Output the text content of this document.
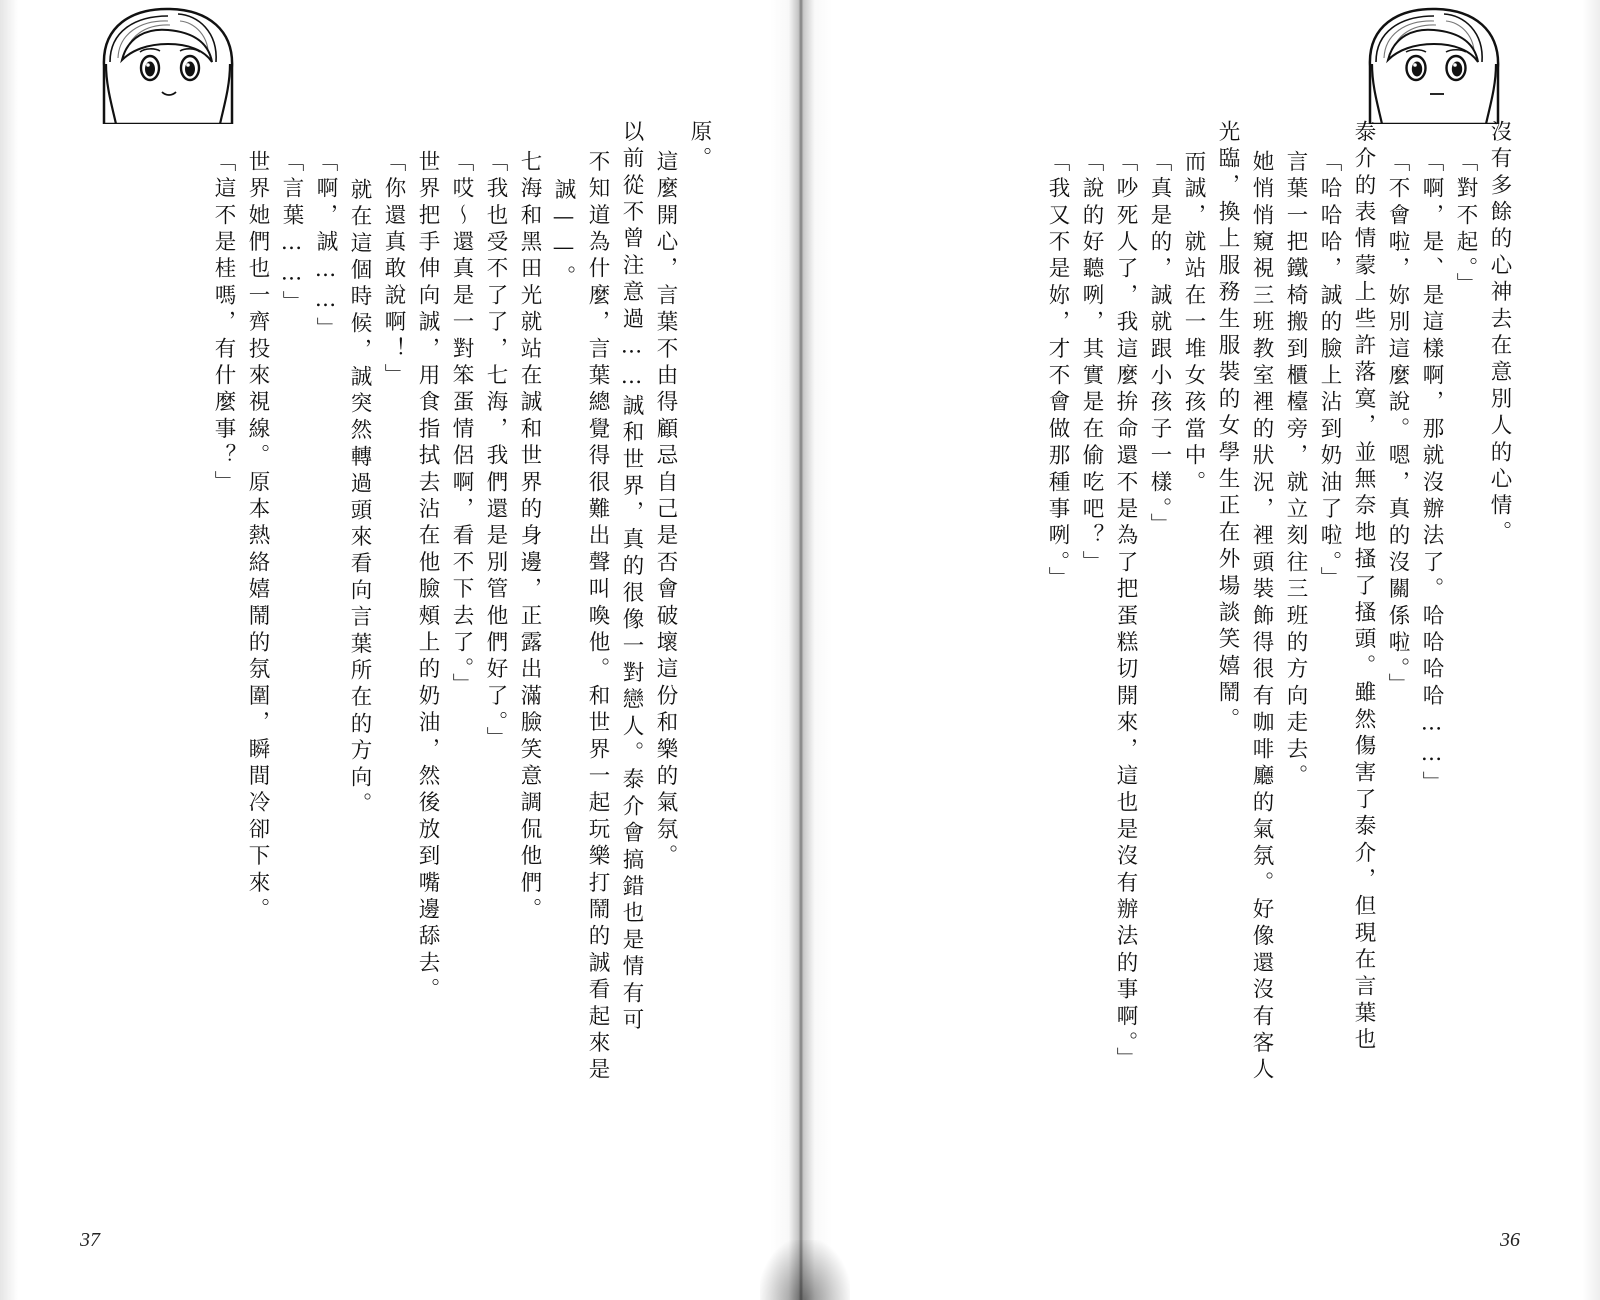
原。
這麼開心，言葉不由得顧忌自己是否會破壞這份和樂的氣氛。
以前從不曾注意過……誠和世界，真的很像一對戀人。泰介會搞錯也是情有可
不知道為什麼，言葉總覺得很難出聲叫喚他。和世界一起玩樂打鬧的誠看起來是
誠——。
七海和黑田光就站在誠和世界的身邊，正露出滿臉笑意調侃他們。
「我也受不了了，七海，我們還是別管他們好了。」
「哎～還真是一對笨蛋情侶啊，看不下去了。」
世界把手伸向誠，用食指拭去沾在他臉頰上的奶油，然後放到嘴邊舔去。
「你還真敢說啊！」
就在這個時候，誠突然轉過頭來看向言葉所在的方向。
「啊，誠……」
「言葉……」
世界她們也一齊投來視線。原本熱絡嬉鬧的氛圍，瞬間冷卻下來。
「這不是桂嗎，有什麼事？」
37
沒有多餘的心神去在意別人的心情。
「對不起。」
「啊，是、是這樣啊，那就沒辦法了。哈哈哈哈……」
「不會啦，妳別這麼說。嗯，真的沒關係啦。」
泰介的表情蒙上些許落寞，並無奈地搔了搔頭。雖然傷害了泰介，但現在言葉也
「哈哈哈，誠的臉上沾到奶油了啦。」
言葉一把鐵椅搬到櫃檯旁，就立刻往三班的方向走去。
她悄悄窺視三班教室裡的狀況，裡頭裝飾得很有咖啡廳的氣氛。好像還沒有客人
光臨，換上服務生服裝的女學生正在外場談笑嬉鬧。
而誠，就站在一堆女孩當中。
「真是的，誠就跟小孩子一樣。」
「吵死人了，我這麼拚命還不是為了把蛋糕切開來，這也是沒有辦法的事啊。」
「說的好聽咧，其實是在偷吃吧？」
「我又不是妳，才不會做那種事咧。」
36
